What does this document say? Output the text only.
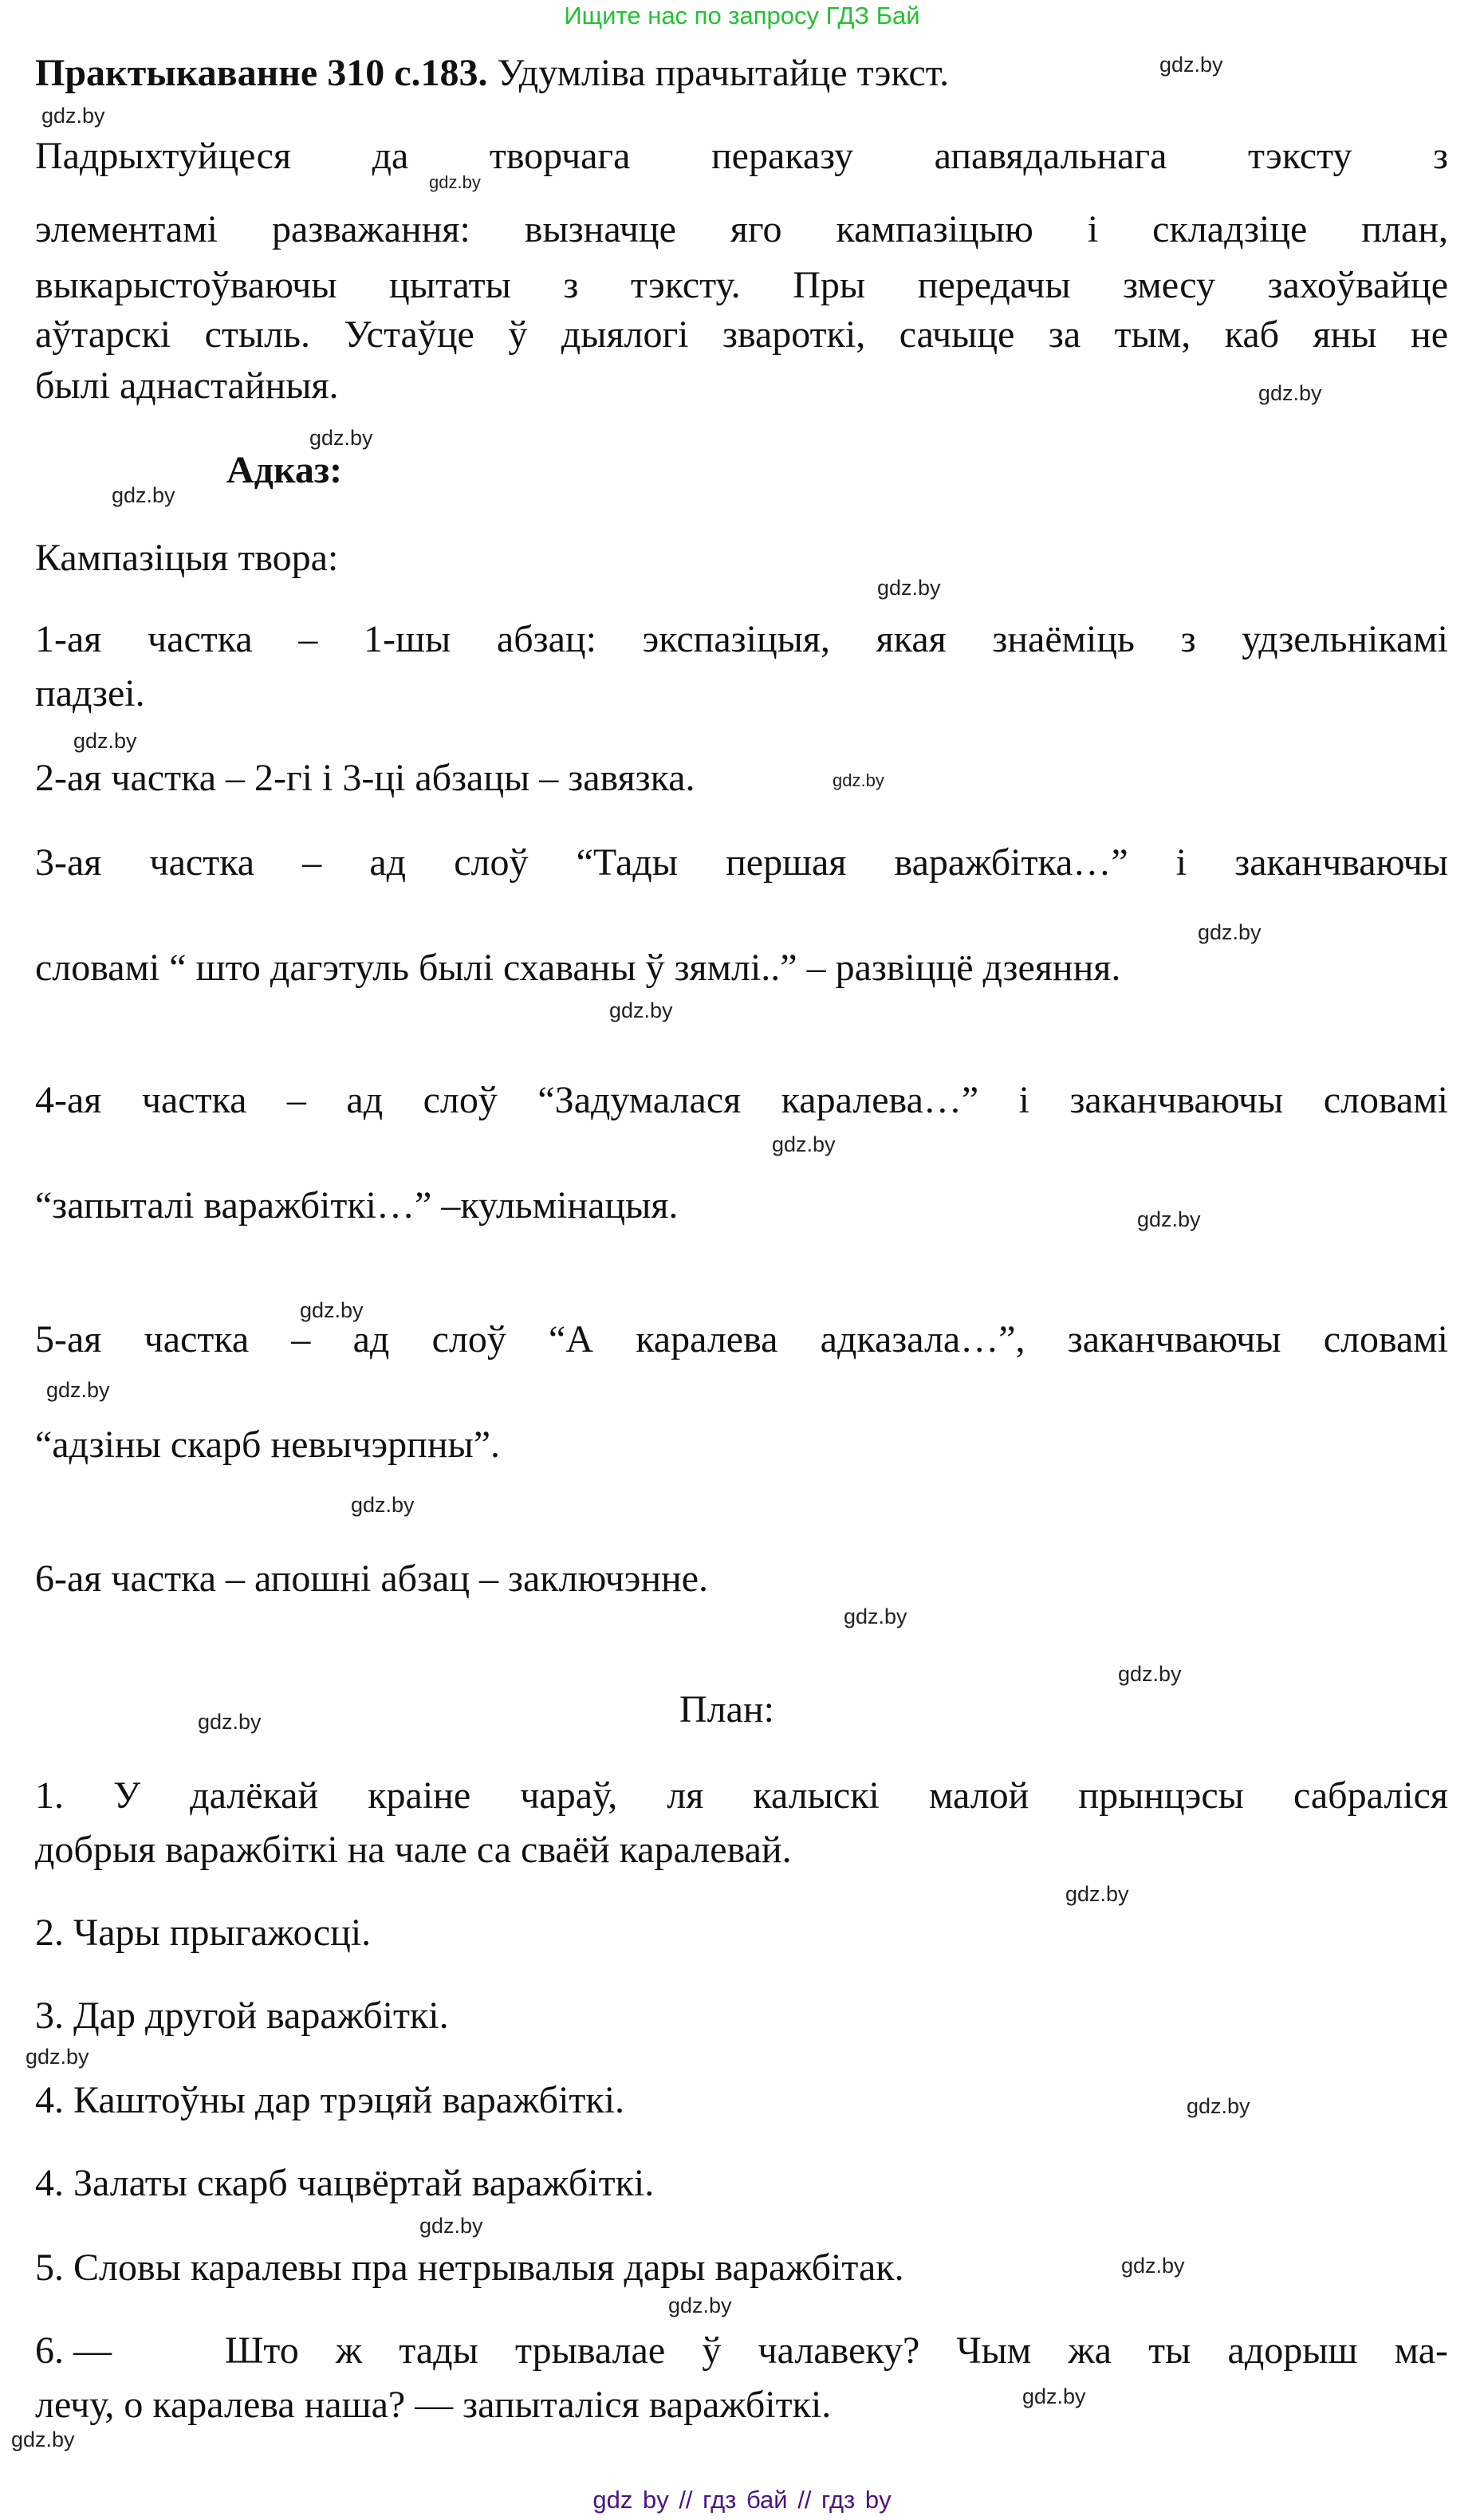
Ищите нас по запросу ГДЗ Бай
Практыкаванне 310 с.183. Удумліва прачытайце тэкст.
Падрыхтуйцеся да творчага пераказу апавядальнага тэксту з
элементамі разважання: вызначце яго кампазіцыю і складзіце план,
выкарыстоўваючы цытаты з тэксту. Пры передачы змесу захоўвайце
аўтарскі стыль. Устаўце ў дыялогі звароткі, сачыце за тым, каб яны не
былі аднастайныя.
Адказ:
Кампазіцыя твора:
1-ая частка – 1-шы абзац: экспазіцыя, якая знаёміць з удзельнікамі
падзеі.
2-ая частка – 2-гі і 3-ці абзацы – завязка.
3-ая частка – ад слоў “Тады першая варажбітка…” і заканчваючы
словамі “ што дагэтуль былі схаваны ў зямлі..” – развіццё дзеяння.
4-ая частка – ад слоў “Задумалася каралева…” і заканчваючы словамі
“запыталі варажбіткі…” –кульмінацыя.
5-ая частка – ад слоў “А каралева адказала…”, заканчваючы словамі
“адзіны скарб невычэрпны”.
6-ая частка – апошні абзац – заключэнне.
План:
1. У далёкай краіне чараў, ля калыскі малой прынцэсы сабраліся
добрыя варажбіткі на чале са сваёй каралевай.
2. Чары прыгажосці.
3. Дар другой варажбіткі.
4. Каштоўны дар трэцяй варажбіткі.
4. Залаты скарб чацвёртай варажбіткі.
5. Словы каралевы пра нетрывалыя дары варажбітак.
6. —	Што ж тады трывалае ў чалавеку? Чым жа ты адорыш ма-
лечу, о каралева наша? — запыталіся варажбіткі.
gdz.by
gdz.by
gdz.by
gdz.by
gdz.by
gdz.by
gdz.by
gdz.by
gdz.by
gdz.by
gdz.by
gdz.by
gdz.by
gdz.by
gdz.by
gdz.by
gdz.by
gdz.by
gdz.by
gdz.by
gdz.by
gdz.by
gdz.by
gdz.by
gdz.by
gdz.by
gdz.by
gdz by // гдз бай // гдз by
